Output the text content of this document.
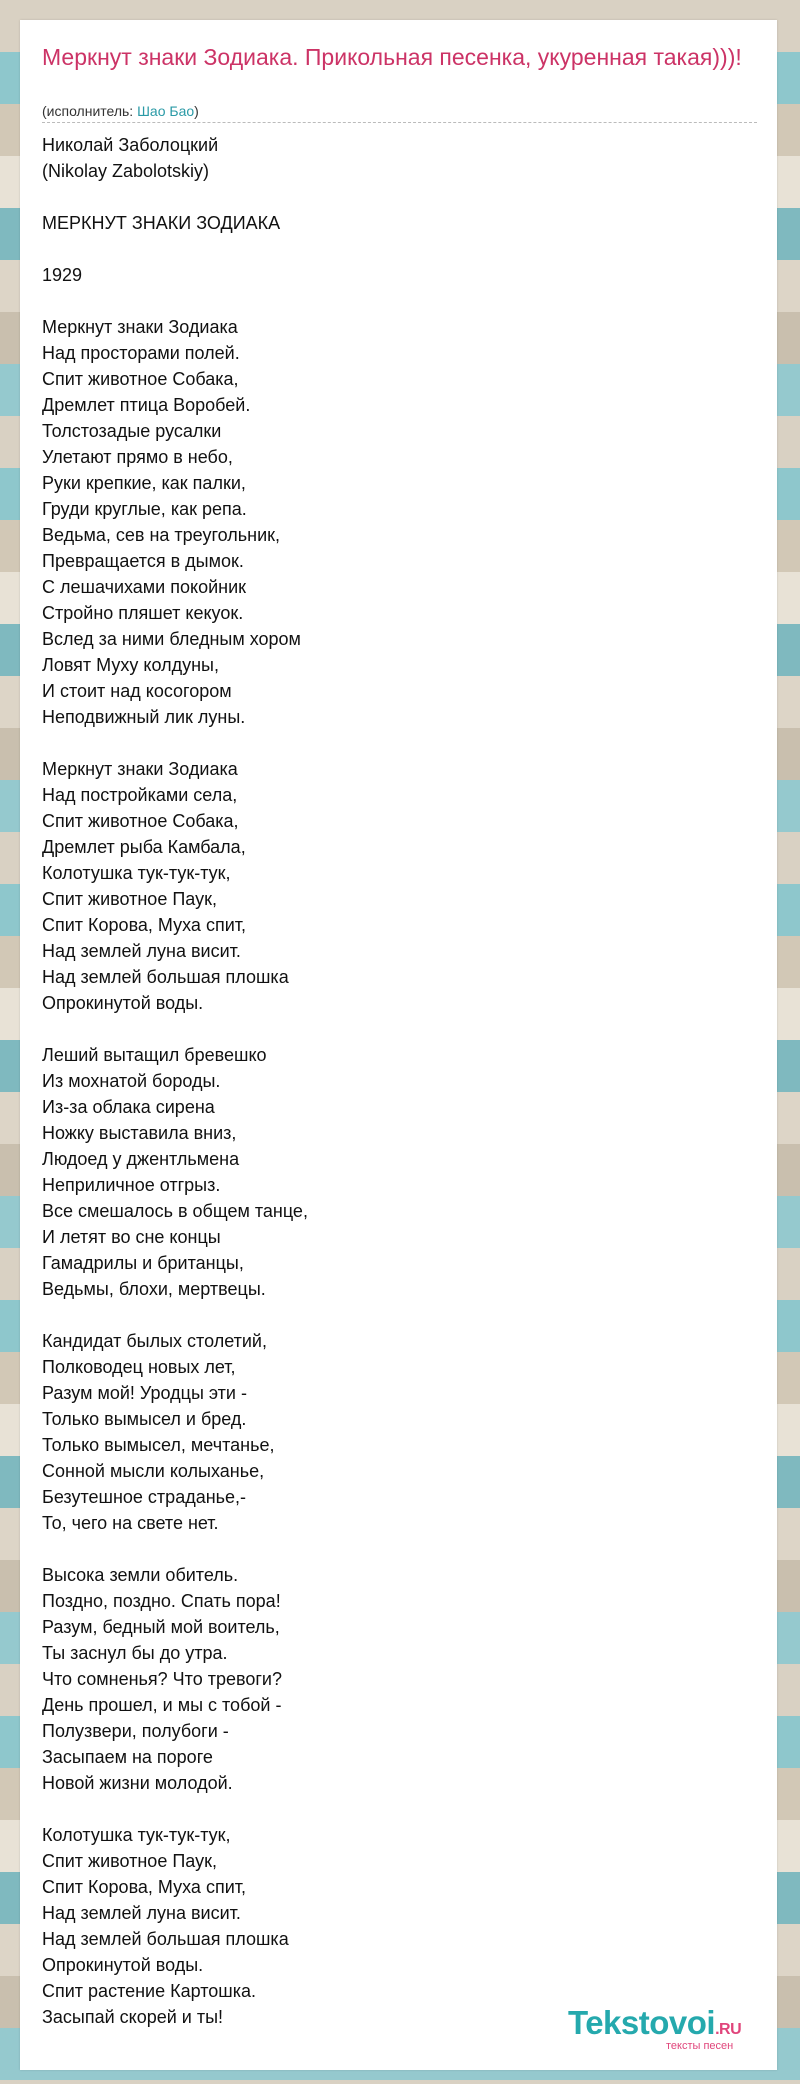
Меркнут знаки Зодиака. Прикольная песенка, укуренная такая)))!
(исполнитель: Шао Бао)
Николай Заболоцкий
(Nikolay Zabolotskiy)

МЕРКНУТ ЗНАКИ ЗОДИАКА

1929

Меркнут знаки Зодиака
Над просторами полей.
Спит животное Собака,
Дремлет птица Воробей.
Толстозадые русалки
Улетают прямо в небо,
Руки крепкие, как палки,
Груди круглые, как репа.
Ведьма, сев на треугольник,
Превращается в дымок.
С лешачихами покойник
Стройно пляшет кекуок.
Вслед за ними бледным хором
Ловят Муху колдуны,
И стоит над косогором
Неподвижный лик луны.

Меркнут знаки Зодиака
Над постройками села,
Спит животное Собака,
Дремлет рыба Камбала,
Колотушка тук-тук-тук,
Спит животное Паук,
Спит Корова, Муха спит,
Над землей луна висит.
Над землей большая плошка
Опрокинутой воды.

Леший вытащил бревешко
Из мохнатой бороды.
Из-за облака сирена
Ножку выставила вниз,
Людоед у джентльмена
Неприличное отгрыз.
Все смешалось в общем танце,
И летят во сне концы
Гамадрилы и британцы,
Ведьмы, блохи, мертвецы.

Кандидат былых столетий,
Полководец новых лет,
Разум мой! Уродцы эти -
Только вымысел и бред.
Только вымысел, мечтанье,
Сонной мысли колыханье,
Безутешное страданье,-
То, чего на свете нет.

Высока земли обитель.
Поздно, поздно. Спать пора!
Разум, бедный мой воитель,
Ты заснул бы до утра.
Что сомненья? Что тревоги?
День прошел, и мы с тобой -
Полузвери, полубоги -
Засыпаем на пороге
Новой жизни молодой.

Колотушка тук-тук-тук,
Спит животное Паук,
Спит Корова, Муха спит,
Над землей луна висит.
Над землей большая плошка
Опрокинутой воды.
Спит растение Картошка.
Засыпай скорей и ты!	Tekstovoi.RU
тексты песен
